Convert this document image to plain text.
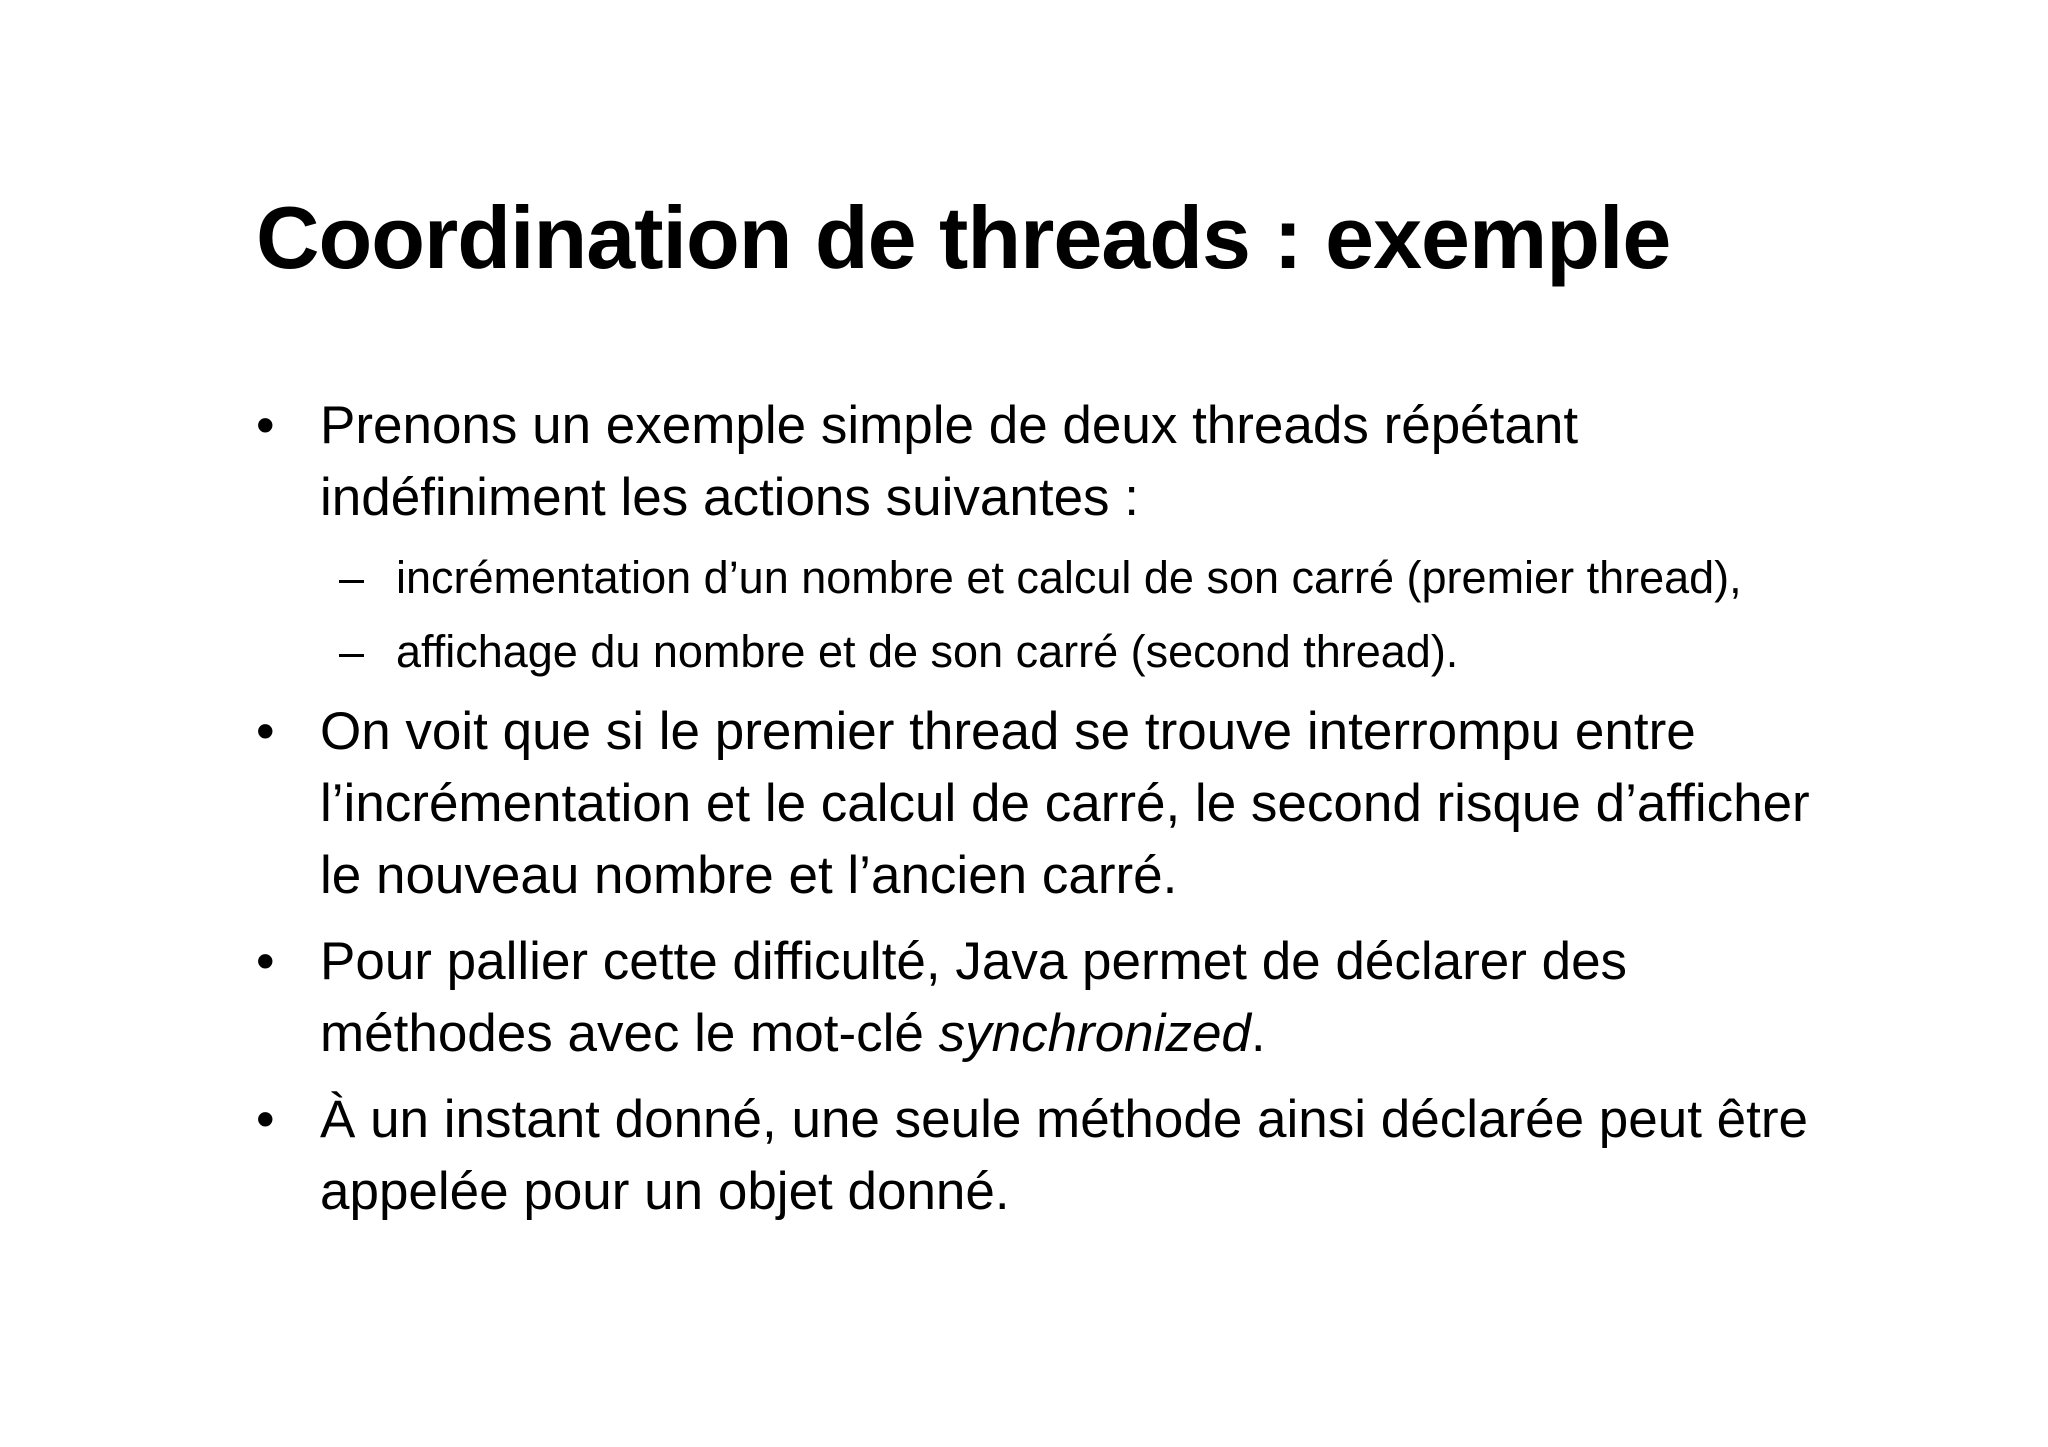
Coordination de threads : exemple
• Prenons un exemple simple de deux threads répétant indéfiniment les actions suivantes :
– incrémentation d’un nombre et calcul de son carré (premier thread),
– affichage du nombre et de son carré (second thread).
• On voit que si le premier thread se trouve interrompu entre l’incrémentation et le calcul de carré, le second risque d’afficher le nouveau nombre et l’ancien carré.
• Pour pallier cette difficulté, Java permet de déclarer des méthodes avec le mot-clé synchronized.
• À un instant donné, une seule méthode ainsi déclarée peut être appelée pour un objet donné.
